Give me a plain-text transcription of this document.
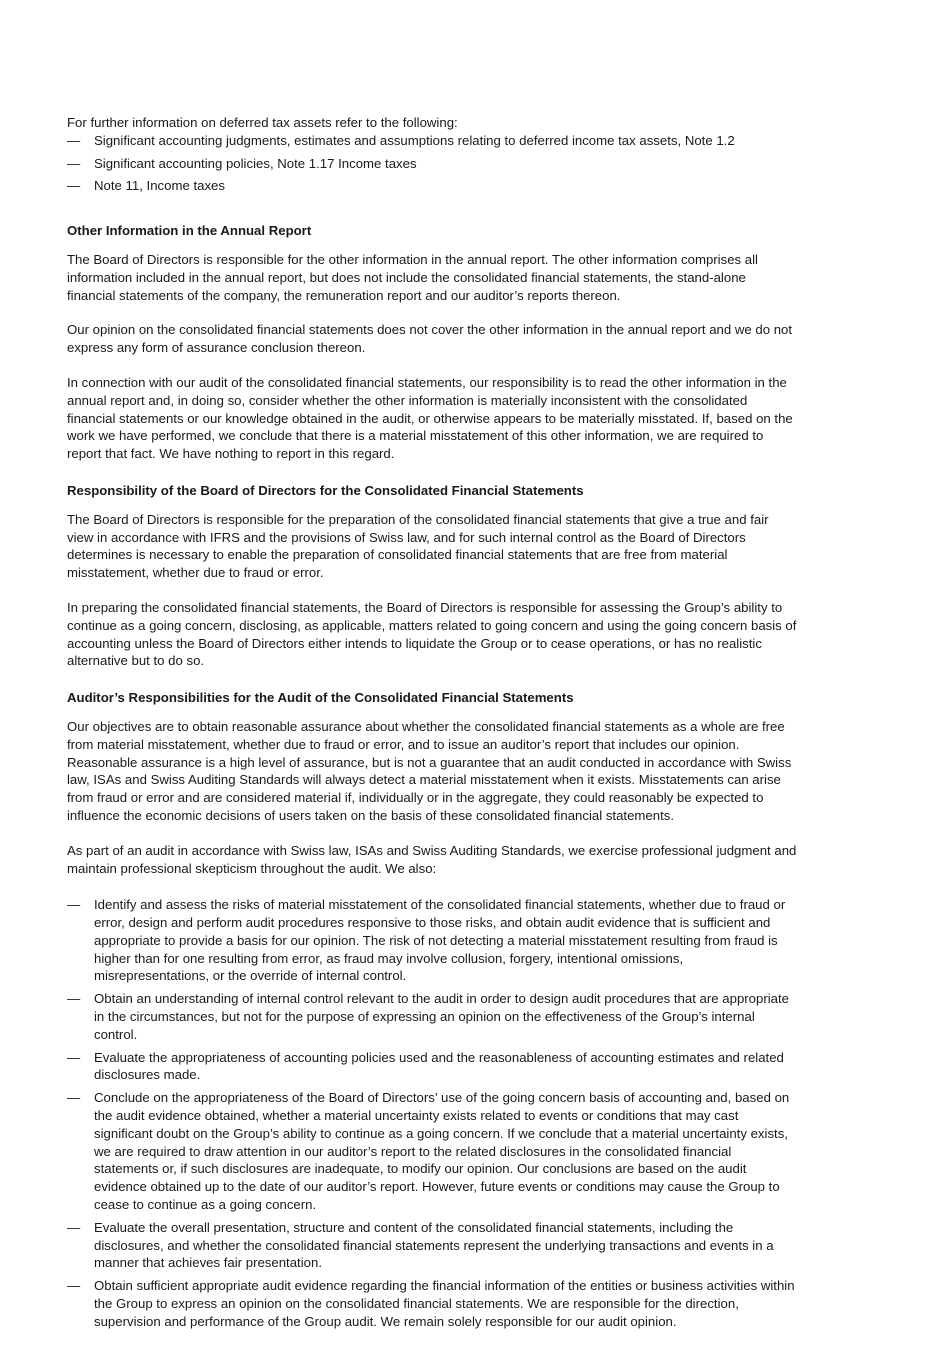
For further information on deferred tax assets refer to the following:

— Significant accounting judgments, estimates and assumptions relating to deferred income tax assets, Note 1.2
— Significant accounting policies, Note 1.17 Income taxes
— Note 11, Income taxes
Other Information in the Annual Report

The Board of Directors is responsible for the other information in the annual report. The other information comprises all information included in the annual report, but does not include the consolidated financial statements, the stand-alone financial statements of the company, the remuneration report and our auditor’s reports thereon.

Our opinion on the consolidated financial statements does not cover the other information in the annual report and we do not express any form of assurance conclusion thereon.

In connection with our audit of the consolidated financial statements, our responsibility is to read the other information in the annual report and, in doing so, consider whether the other information is materially inconsistent with the consolidated financial statements or our knowledge obtained in the audit, or otherwise appears to be materially misstated. If, based on the work we have performed, we conclude that there is a material misstatement of this other information, we are required to report that fact. We have nothing to report in this regard.

Responsibility of the Board of Directors for the Consolidated Financial Statements

The Board of Directors is responsible for the preparation of the consolidated financial statements that give a true and fair view in accordance with IFRS and the provisions of Swiss law, and for such internal control as the Board of Directors determines is necessary to enable the preparation of consolidated financial statements that are free from material misstatement, whether due to fraud or error.

In preparing the consolidated financial statements, the Board of Directors is responsible for assessing the Group’s ability to continue as a going concern, disclosing, as applicable, matters related to going concern and using the going concern basis of accounting unless the Board of Directors either intends to liquidate the Group or to cease operations, or has no realistic alternative but to do so.

Auditor’s Responsibilities for the Audit of the Consolidated Financial Statements

Our objectives are to obtain reasonable assurance about whether the consolidated financial statements as a whole are free from material misstatement, whether due to fraud or error, and to issue an auditor’s report that includes our opinion. Reasonable assurance is a high level of assurance, but is not a guarantee that an audit conducted in accordance with Swiss law, ISAs and Swiss Auditing Standards will always detect a material misstatement when it exists. Misstatements can arise from fraud or error and are considered material if, individually or in the aggregate, they could reasonably be expected to influence the economic decisions of users taken on the basis of these consolidated financial statements.

As part of an audit in accordance with Swiss law, ISAs and Swiss Auditing Standards, we exercise professional judgment and maintain professional skepticism throughout the audit. We also:

— Identify and assess the risks of material misstatement of the consolidated financial statements, whether due to fraud or error, design and perform audit procedures responsive to those risks, and obtain audit evidence that is sufficient and appropriate to provide a basis for our opinion. The risk of not detecting a material misstatement resulting from fraud is higher than for one resulting from error, as fraud may involve collusion, forgery, intentional omissions, misrepresentations, or the override of internal control.
— Obtain an understanding of internal control relevant to the audit in order to design audit procedures that are appropriate in the circumstances, but not for the purpose of expressing an opinion on the effectiveness of the Group’s internal control.
— Evaluate the appropriateness of accounting policies used and the reasonableness of accounting estimates and related disclosures made.
— Conclude on the appropriateness of the Board of Directors’ use of the going concern basis of accounting and, based on the audit evidence obtained, whether a material uncertainty exists related to events or conditions that may cast significant doubt on the Group’s ability to continue as a going concern. If we conclude that a material uncertainty exists, we are required to draw attention in our auditor’s report to the related disclosures in the consolidated financial statements or, if such disclosures are inadequate, to modify our opinion. Our conclusions are based on the audit evidence obtained up to the date of our auditor’s report. However, future events or conditions may cause the Group to cease to continue as a going concern.
— Evaluate the overall presentation, structure and content of the consolidated financial statements, including the disclosures, and whether the consolidated financial statements represent the underlying transactions and events in a manner that achieves fair presentation.
— Obtain sufficient appropriate audit evidence regarding the financial information of the entities or business activities within the Group to express an opinion on the consolidated financial statements. We are responsible for the direction, supervision and performance of the Group audit. We remain solely responsible for our audit opinion.
